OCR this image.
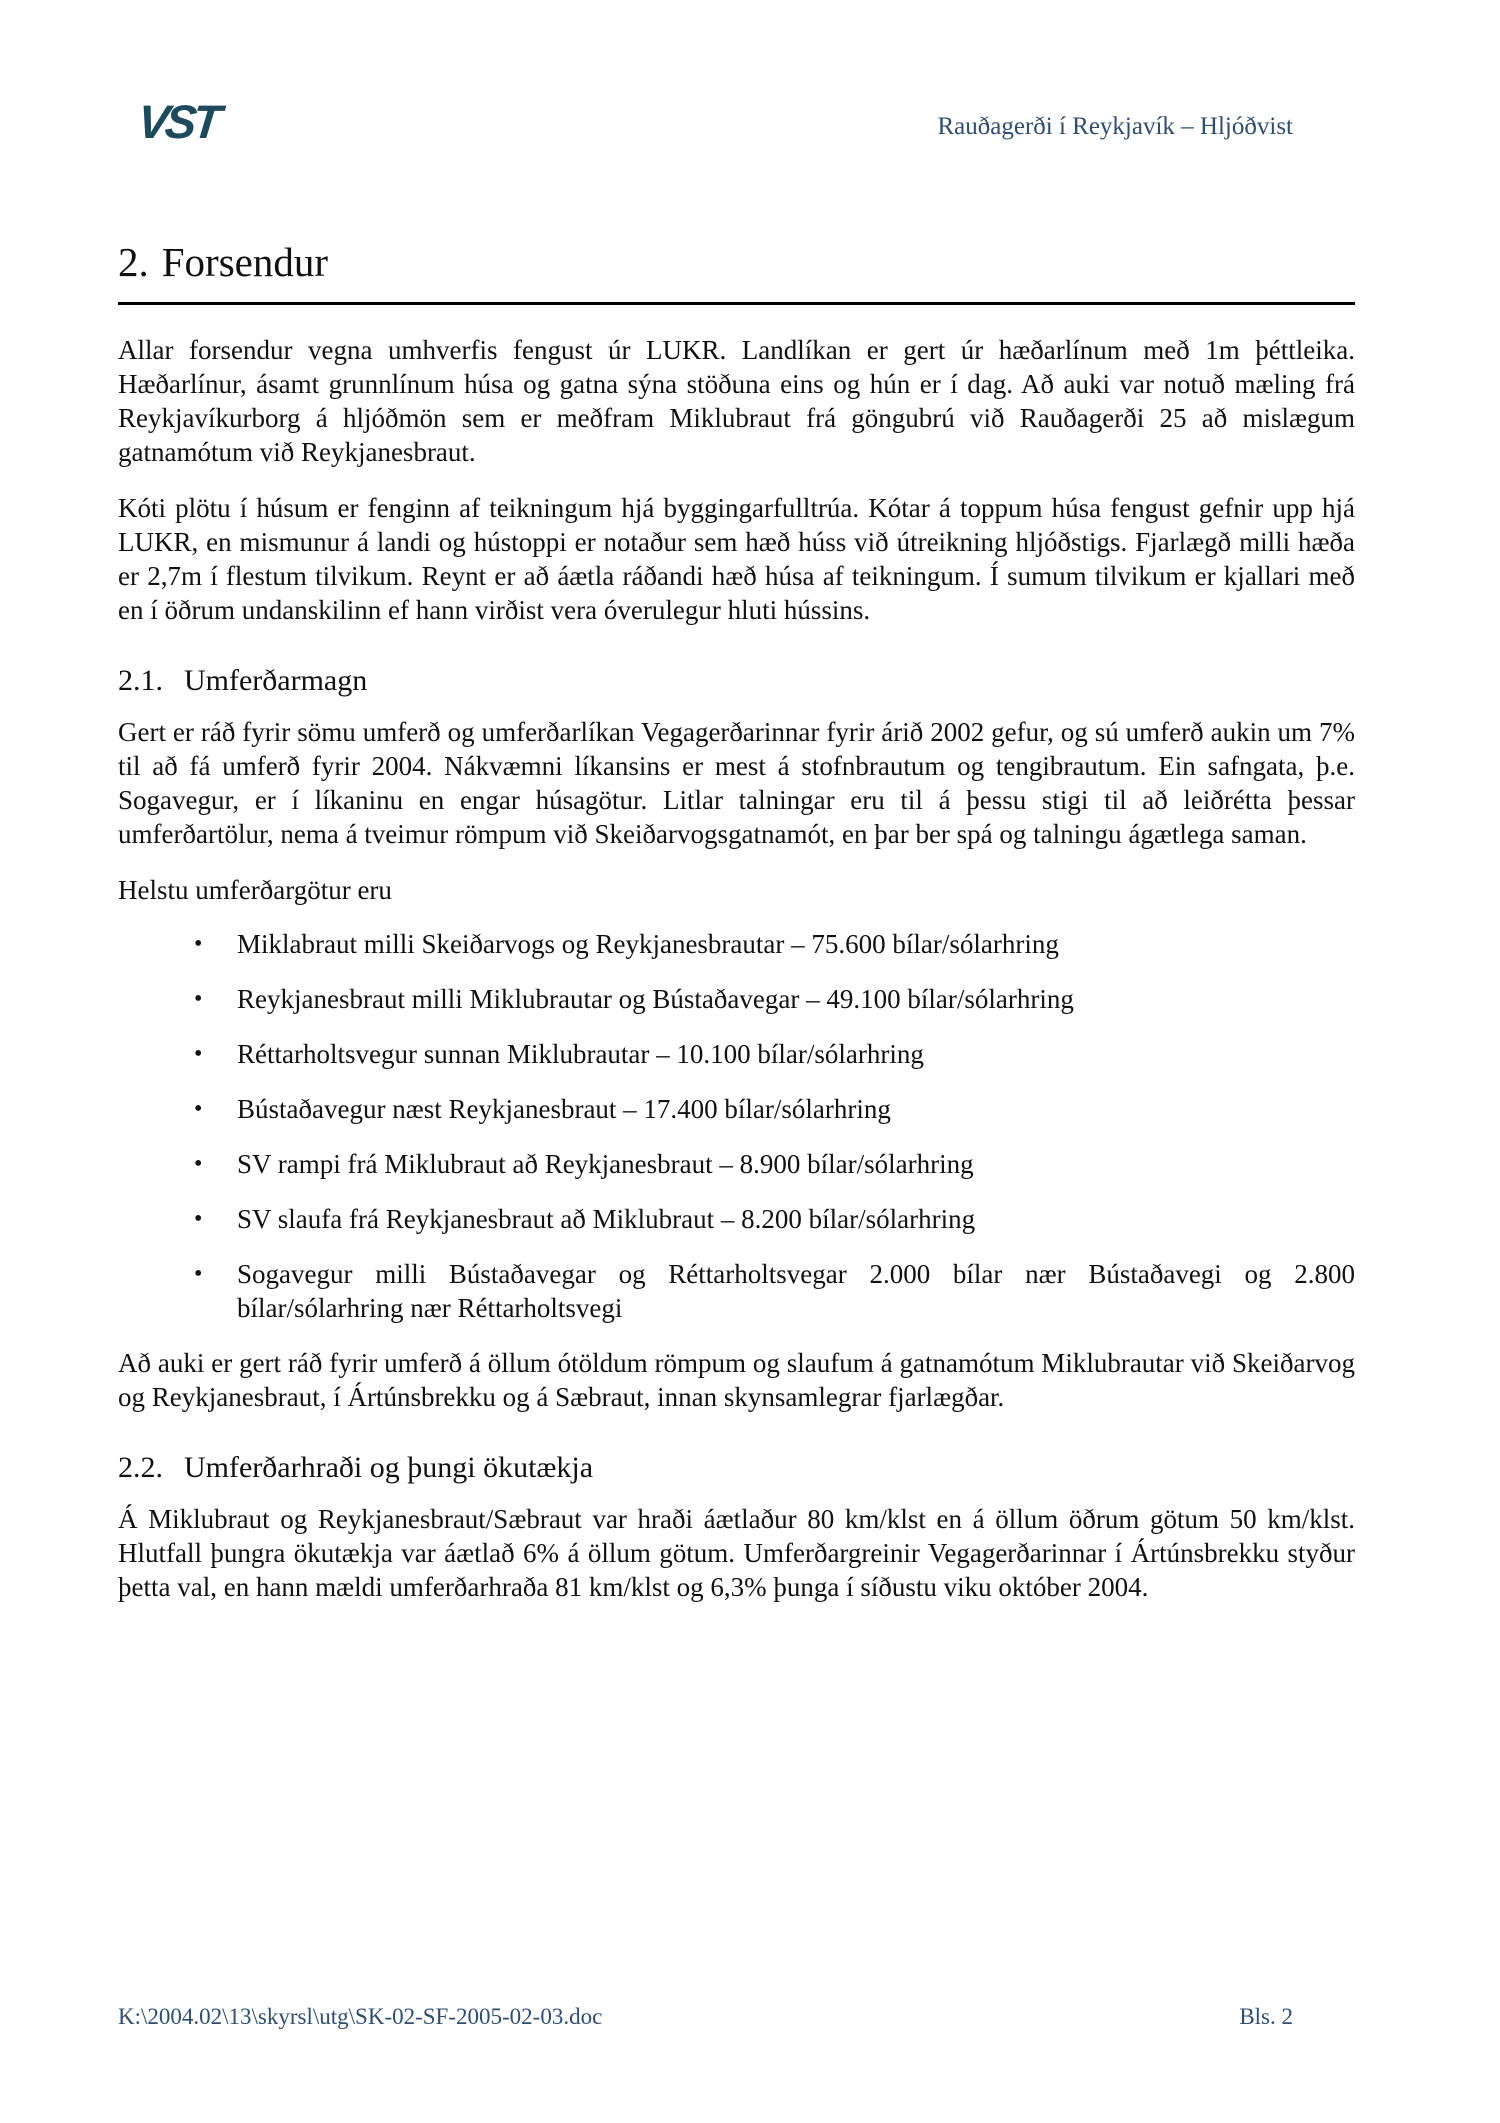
VST	Rauðagerði í Reykjavík – Hljóðvist
2. Forsendur

Allar forsendur vegna umhverfis fengust úr LUKR. Landlíkan er gert úr hæðarlínum með 1m þéttleika. Hæðarlínur, ásamt grunnlínum húsa og gatna sýna stöðuna eins og hún er í dag. Að auki var notuð mæling frá Reykjavíkurborg á hljóðmön sem er meðfram Miklubraut frá göngubrú við Rauðagerði 25 að mislægum gatnamótum við Reykjanesbraut.

Kóti plötu í húsum er fenginn af teikningum hjá byggingarfulltrúa. Kótar á toppum húsa fengust gefnir upp hjá LUKR, en mismunur á landi og hústoppi er notaður sem hæð húss við útreikning hljóðstigs. Fjarlægð milli hæða er 2,7m í flestum tilvikum. Reynt er að áætla ráðandi hæð húsa af teikningum. Í sumum tilvikum er kjallari með en í öðrum undanskilinn ef hann virðist vera óverulegur hluti hússins.

2.1. Umferðarmagn

Gert er ráð fyrir sömu umferð og umferðarlíkan Vegagerðarinnar fyrir árið 2002 gefur, og sú umferð aukin um 7% til að fá umferð fyrir 2004. Nákvæmni líkansins er mest á stofnbrautum og tengibrautum. Ein safngata, þ.e. Sogavegur, er í líkaninu en engar húsagötur. Litlar talningar eru til á þessu stigi til að leiðrétta þessar umferðartölur, nema á tveimur römpum við Skeiðarvogsgatnamót, en þar ber spá og talningu ágætlega saman.

Helstu umferðargötur eru

• Miklabraut milli Skeiðarvogs og Reykjanesbrautar – 75.600 bílar/sólarhring
• Reykjanesbraut milli Miklubrautar og Bústaðavegar – 49.100 bílar/sólarhring
• Réttarholtsvegur sunnan Miklubrautar – 10.100 bílar/sólarhring
• Bústaðavegur næst Reykjanesbraut – 17.400 bílar/sólarhring
• SV rampi frá Miklubraut að Reykjanesbraut – 8.900 bílar/sólarhring
• SV slaufa frá Reykjanesbraut að Miklubraut – 8.200 bílar/sólarhring
• Sogavegur milli Bústaðavegar og Réttarholtsvegar 2.000 bílar nær Bústaðavegi og 2.800 bílar/sólarhring nær Réttarholtsvegi

Að auki er gert ráð fyrir umferð á öllum ótöldum römpum og slaufum á gatnamótum Miklubrautar við Skeiðarvog og Reykjanesbraut, í Ártúnsbrekku og á Sæbraut, innan skynsamlegrar fjarlægðar.

2.2. Umferðarhraði og þungi ökutækja

Á Miklubraut og Reykjanesbraut/Sæbraut var hraði áætlaður 80 km/klst en á öllum öðrum götum 50 km/klst. Hlutfall þungra ökutækja var áætlað 6% á öllum götum. Umferðargreinir Vegagerðarinnar í Ártúnsbrekku styður þetta val, en hann mældi umferðarhraða 81 km/klst og 6,3% þunga í síðustu viku október 2004.

K:\2004.02\13\skyrsl\utg\SK-02-SF-2005-02-03.doc	Bls. 2
